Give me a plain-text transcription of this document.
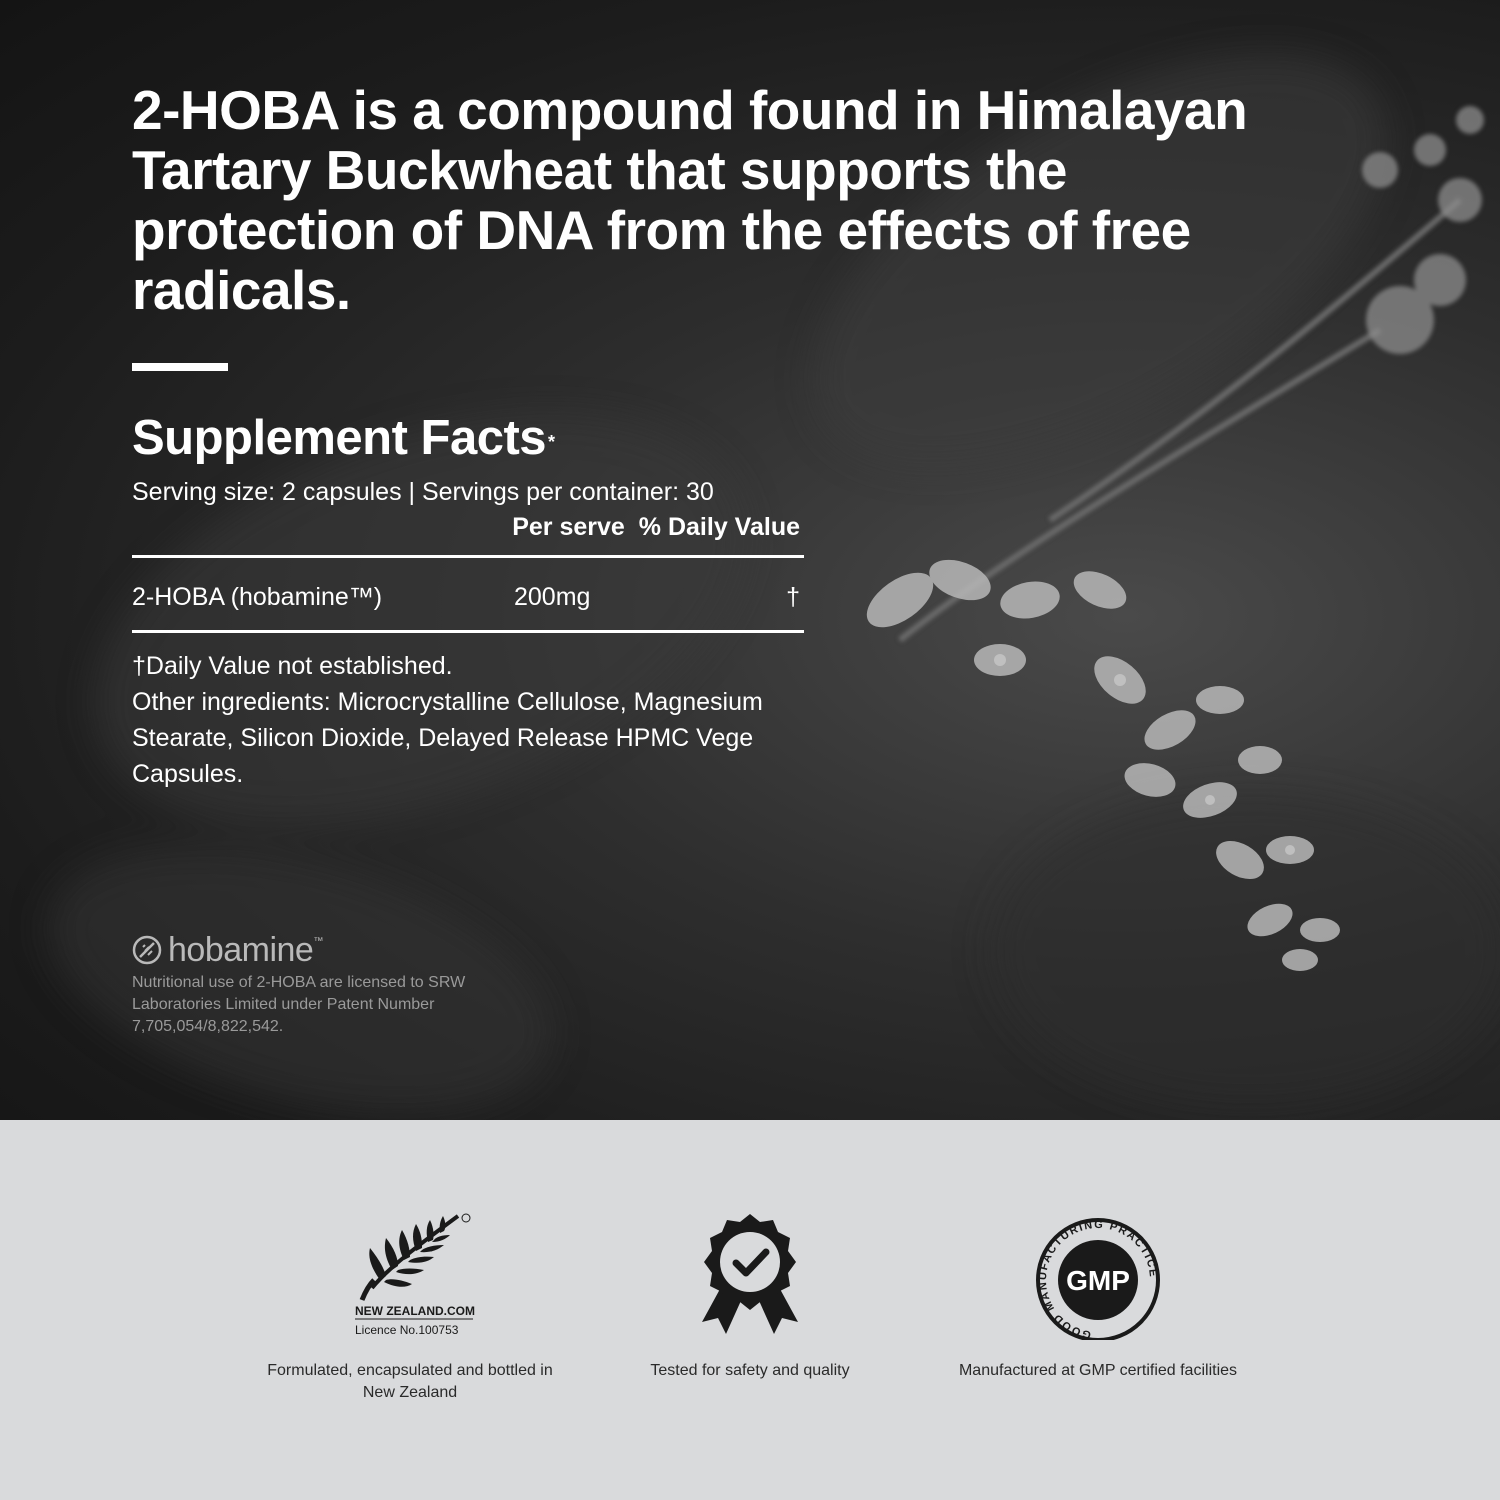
2-HOBA is a compound found in Himalayan Tartary Buckwheat that supports the protection of DNA from the effects of free radicals.
Supplement Facts *
Serving size: 2 capsules | Servings per container: 30
Per serve % Daily Value
2-HOBA (hobamine™)	200mg	†
†Daily Value not established.
Other ingredients: Microcrystalline Cellulose, Magnesium Stearate, Silicon Dioxide, Delayed Release HPMC Vege Capsules.
hobamine ™
Nutritional use of 2-HOBA are licensed to SRW Laboratories Limited under Patent Number 7,705,054/8,822,542.
NEW ZEALAND.COM
Licence No.100753
Formulated, encapsulated and bottled in New Zealand
Tested for safety and quality
GOOD MANUFACTURING PRACTICE
GMP
Manufactured at GMP certified facilities
